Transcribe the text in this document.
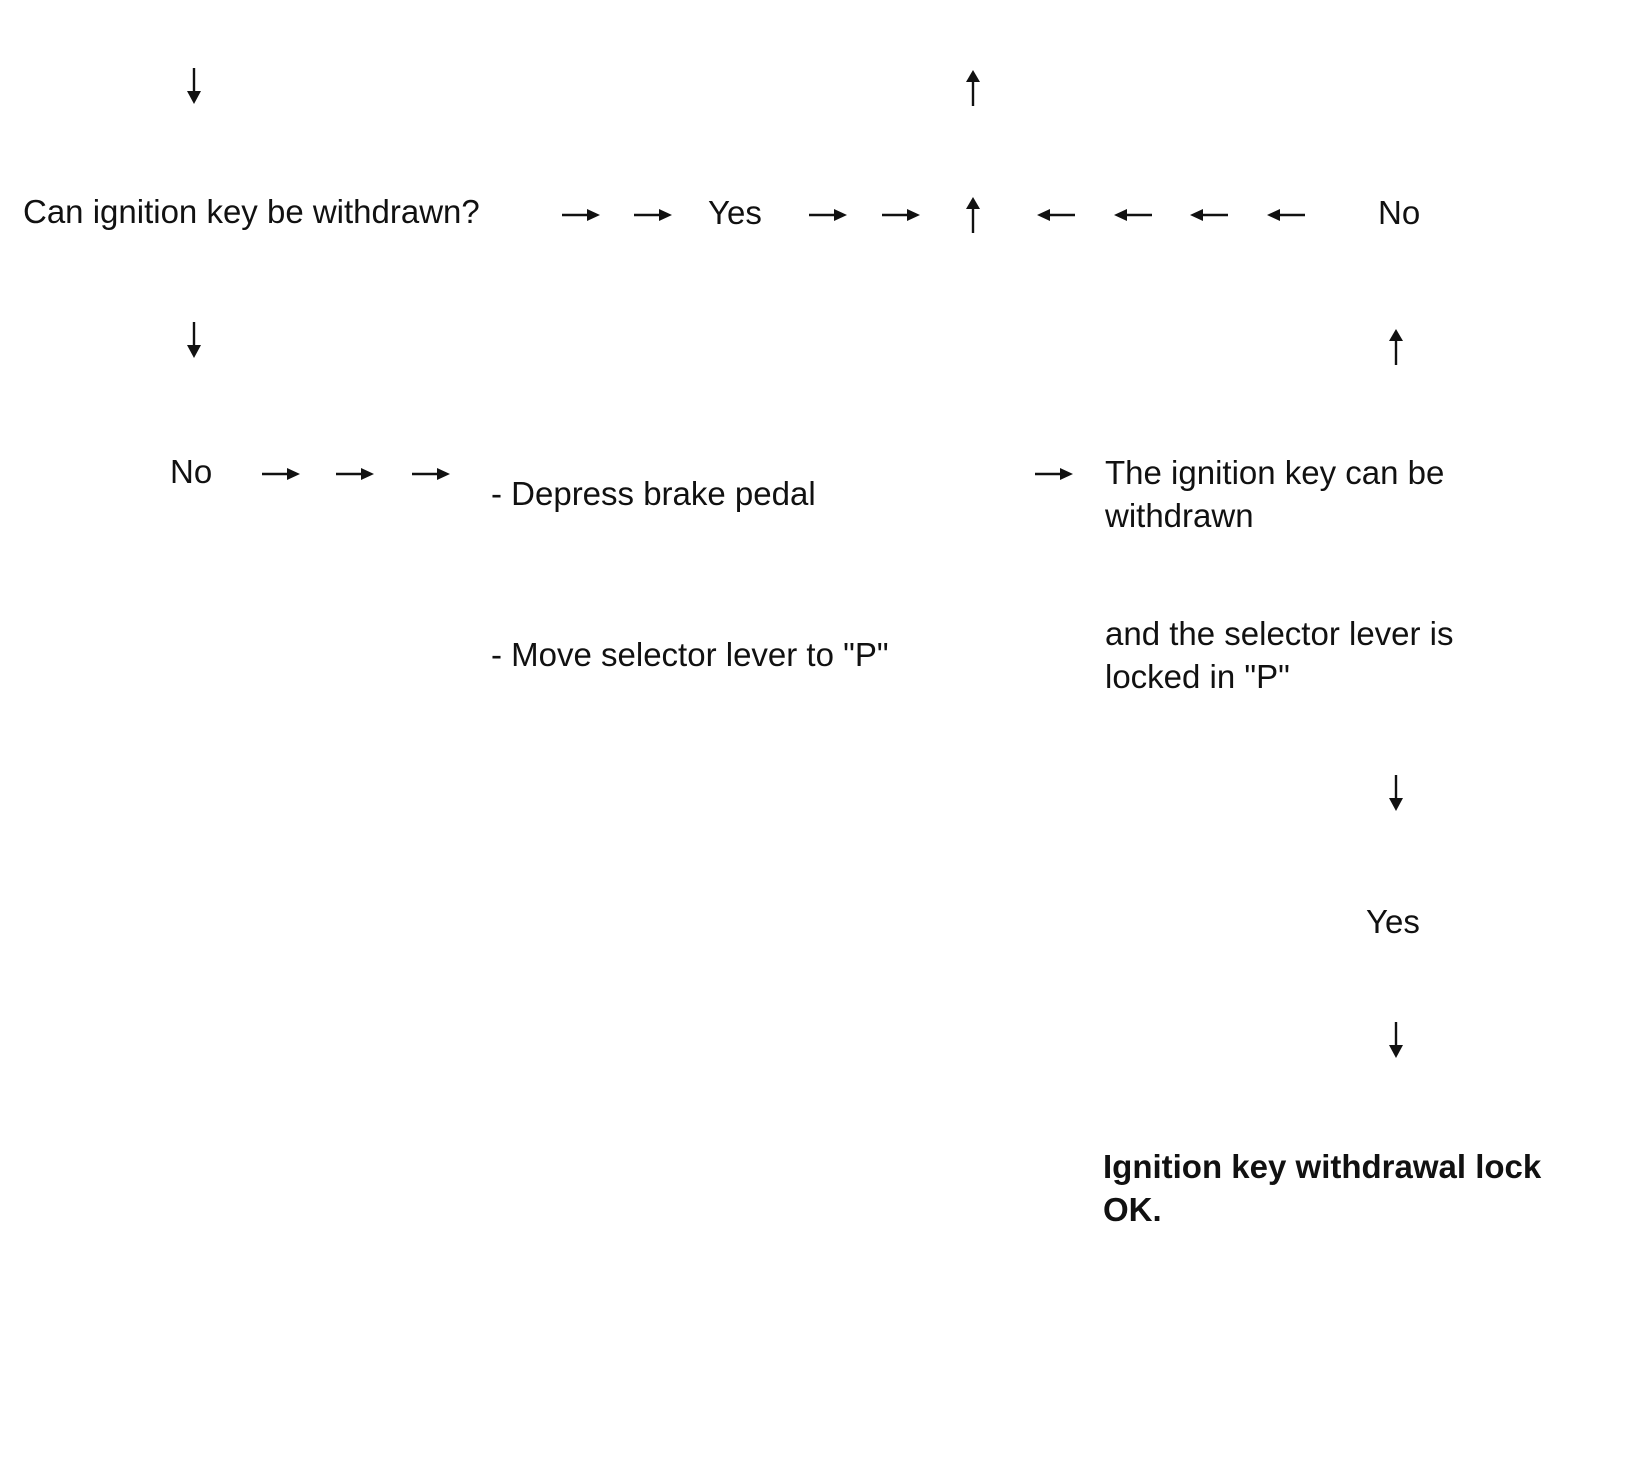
Can ignition key be withdrawn?	Yes	No
No
- Depress brake pedal
- Move selector lever to "P"
The ignition key can be withdrawn
and the selector lever is locked in "P"
Yes
Ignition key withdrawal lock OK.
